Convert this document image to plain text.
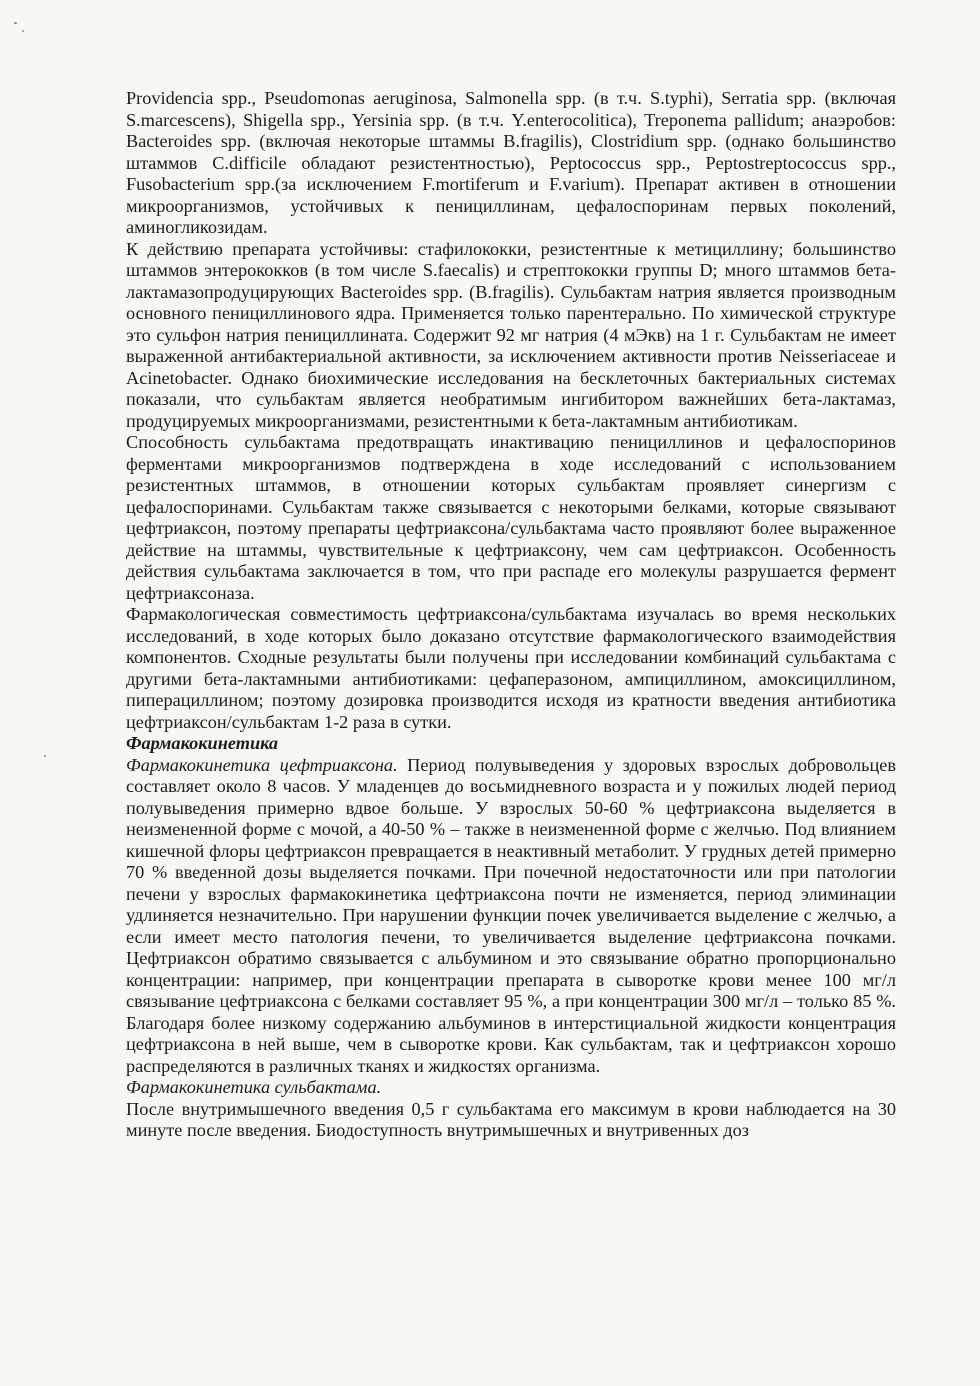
Providencia spp., Pseudomonas aeruginosa, Salmonella spp. (в т.ч. S.typhi), Serratia spp. (включая S.marcescens), Shigella spp., Yersinia spp. (в т.ч. Y.enterocolitica), Treponema pallidum; анаэробов: Bacteroides spp. (включая некоторые штаммы B.fragilis), Clostridium spp. (однако большинство штаммов C.difficile обладают резистентностью), Peptococcus spp., Peptostreptococcus spp., Fusobacterium spp.(за исключением F.mortiferum и F.varium). Препарат активен в отношении микроорганизмов, устойчивых к пенициллинам, цефалоспоринам первых поколений, аминогликозидам.

К действию препарата устойчивы: стафилококки, резистентные к метициллину; большинство штаммов энтерококков (в том числе S.faecalis) и стрептококки группы D; много штаммов бета-лактамазопродуцирующих Bacteroides spp. (B.fragilis). Сульбактам натрия является производным основного пенициллинового ядра. Применяется только парентерально. По химической структуре это сульфон натрия пенициллината. Содержит 92 мг натрия (4 мЭкв) на 1 г. Сульбактам не имеет выраженной антибактериальной активности, за исключением активности против Neisseriaceae и Acinetobacter. Однако биохимические исследования на бесклеточных бактериальных системах показали, что сульбактам является необратимым ингибитором важнейших бета-лактамаз, продуцируемых микроорганизмами, резистентными к бета-лактамным антибиотикам.

Способность сульбактама предотвращать инактивацию пенициллинов и цефалоспоринов ферментами микроорганизмов подтверждена в ходе исследований с использованием резистентных штаммов, в отношении которых сульбактам проявляет синергизм с цефалоспоринами. Сульбактам также связывается с некоторыми белками, которые связывают цефтриаксон, поэтому препараты цефтриаксона/сульбактама часто проявляют более выраженное действие на штаммы, чувствительные к цефтриаксону, чем сам цефтриаксон. Особенность действия сульбактама заключается в том, что при распаде его молекулы разрушается фермент цефтриаксоназа.

Фармакологическая совместимость цефтриаксона/сульбактама изучалась во время нескольких исследований, в ходе которых было доказано отсутствие фармакологического взаимодействия компонентов. Сходные результаты были получены при исследовании комбинаций сульбактама с другими бета-лактамными антибиотиками: цефаперазоном, ампициллином, амоксициллином, пиперациллином; поэтому дозировка производится исходя из кратности введения антибиотика цефтриаксон/сульбактам 1-2 раза в сутки.

Фармакокинетика

Фармакокинетика цефтриаксона. Период полувыведения у здоровых взрослых добровольцев составляет около 8 часов. У младенцев до восьмидневного возраста и у пожилых людей период полувыведения примерно вдвое больше. У взрослых 50-60 % цефтриаксона выделяется в неизмененной форме с мочой, а 40-50 % – также в неизмененной форме с желчью. Под влиянием кишечной флоры цефтриаксон превращается в неактивный метаболит. У грудных детей примерно 70 % введенной дозы выделяется почками. При почечной недостаточности или при патологии печени у взрослых фармакокинетика цефтриаксона почти не изменяется, период элиминации удлиняется незначительно. При нарушении функции почек увеличивается выделение с желчью, а если имеет место патология печени, то увеличивается выделение цефтриаксона почками. Цефтриаксон обратимо связывается с альбумином и это связывание обратно пропорционально концентрации: например, при концентрации препарата в сыворотке крови менее 100 мг/л связывание цефтриаксона с белками составляет 95 %, а при концентрации 300 мг/л – только 85 %. Благодаря более низкому содержанию альбуминов в интерстициальной жидкости концентрация цефтриаксона в ней выше, чем в сыворотке крови. Как сульбактам, так и цефтриаксон хорошо распределяются в различных тканях и жидкостях организма.

Фармакокинетика сульбактама.

После внутримышечного введения 0,5 г сульбактама его максимум в крови наблюдается на 30 минуте после введения. Биодоступность внутримышечных и внутривенных доз
